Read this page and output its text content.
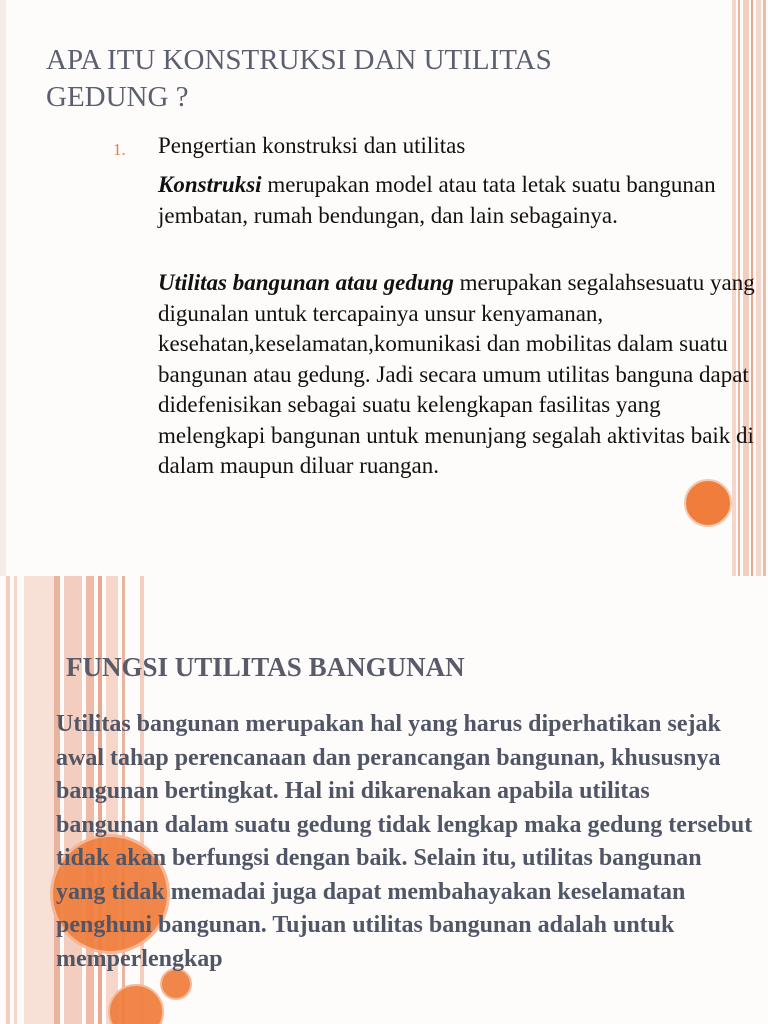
APA ITU KONSTRUKSI DAN UTILITAS GEDUNG ?
1. Pengertian konstruksi dan utilitas

Konstruksi merupakan model atau tata letak suatu bangunan jembatan, rumah bendungan, dan lain sebagainya.

Utilitas bangunan atau gedung merupakan segalahsesuatu yang digunalan untuk tercapainya unsur kenyamanan, kesehatan,keselamatan,komunikasi dan mobilitas dalam suatu bangunan atau gedung. Jadi secara umum utilitas banguna dapat didefenisikan sebagai suatu kelengkapan fasilitas yang melengkapi bangunan untuk menunjang segalah aktivitas baik di dalam maupun diluar ruangan.

FUNGSI UTILITAS BANGUNAN

Utilitas bangunan merupakan hal yang harus diperhatikan sejak awal tahap perencanaan dan perancangan bangunan, khususnya bangunan bertingkat. Hal ini dikarenakan apabila utilitas bangunan dalam suatu gedung tidak lengkap maka gedung tersebut tidak akan berfungsi dengan baik. Selain itu, utilitas bangunan yang tidak memadai juga dapat membahayakan keselamatan penghuni bangunan. Tujuan utilitas bangunan adalah untuk memperlengkap
